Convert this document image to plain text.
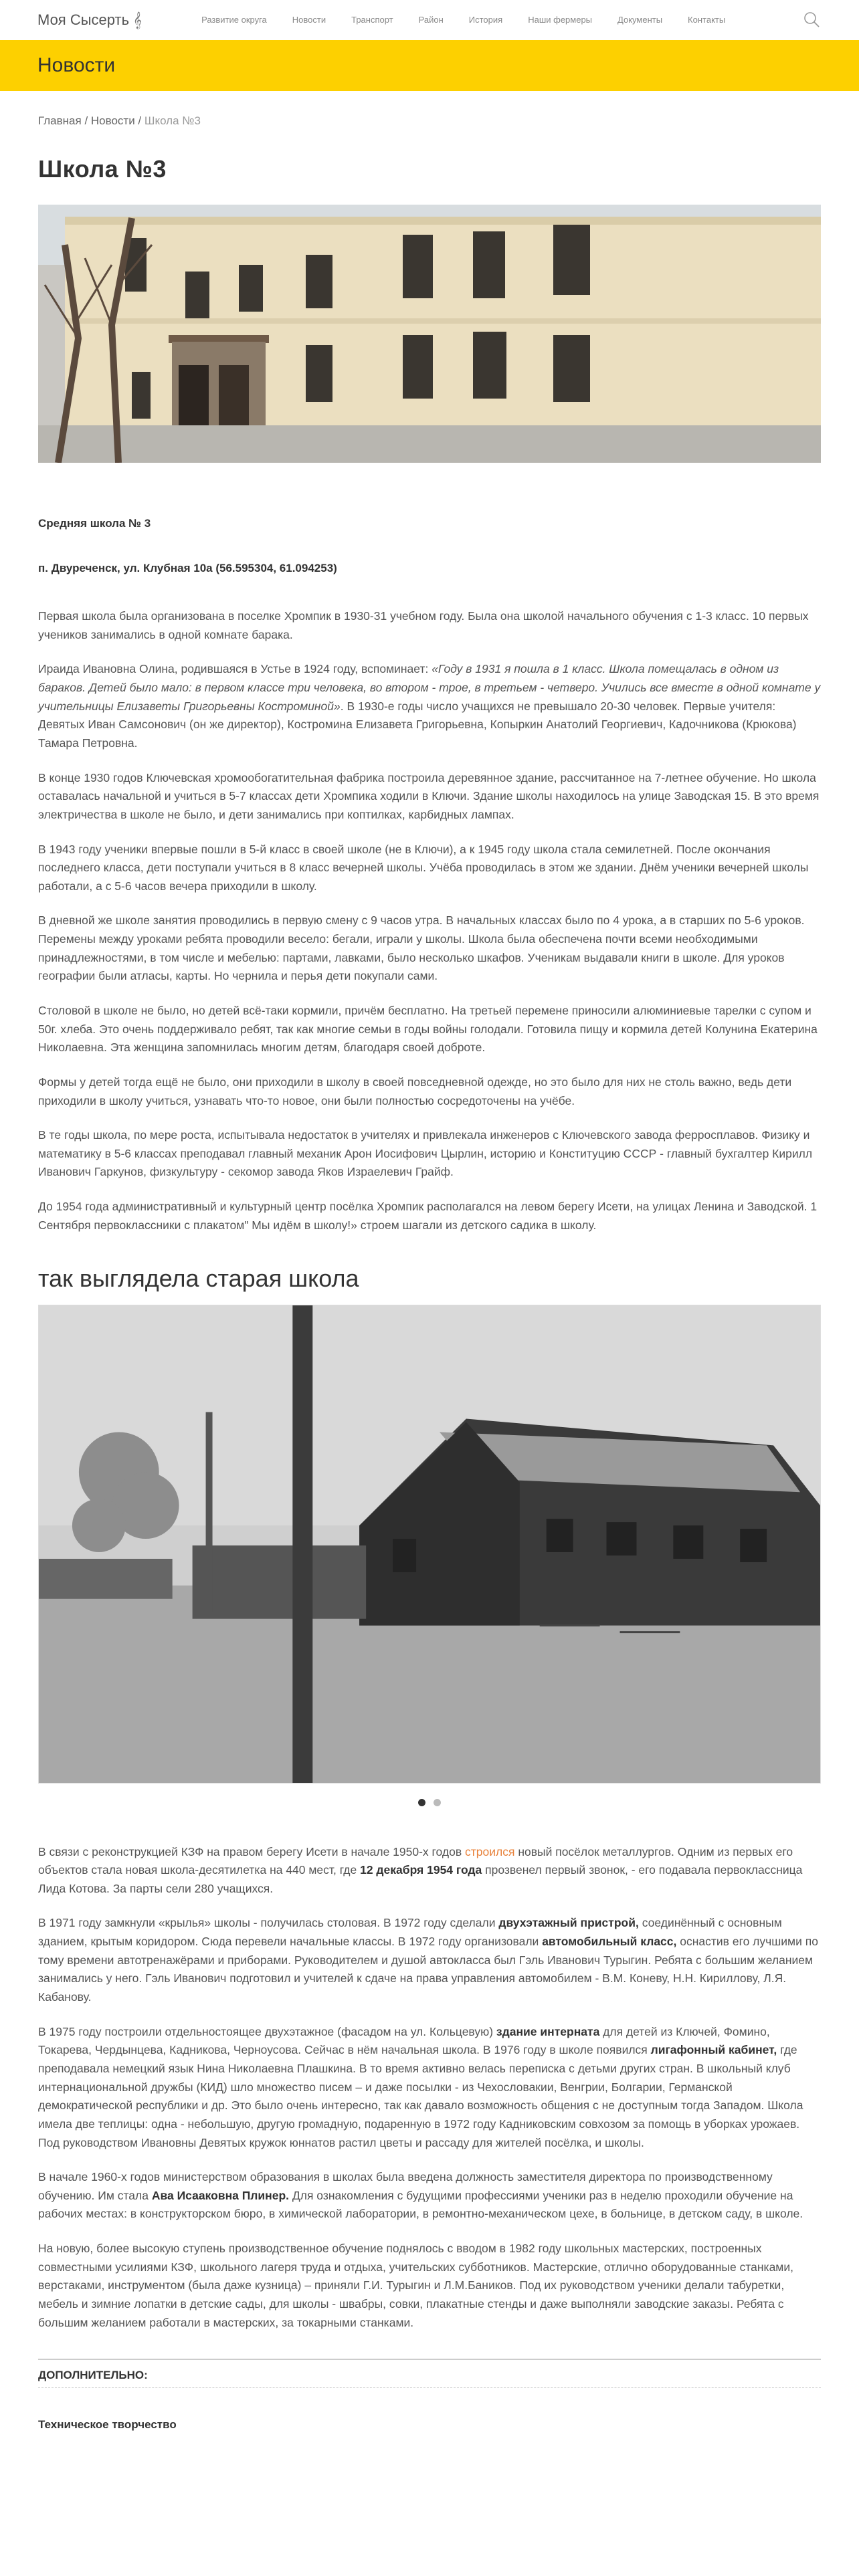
Моя Сысерть 𝄞	Развитие округа	Новости	Транспорт	Район	История	Наши фермеры	Документы	Контакты
Новости
Главная / Новости / Школа №3
Школа №3

Средняя школа № 3

п. Двуреченск, ул. Клубная 10а (56.595304, 61.094253)

Первая школа была организована в поселке Хромпик в 1930-31 учебном году. Была она школой начального обучения с 1-3 класс. 10 первых учеников занимались в одной комнате барака.

Ираида Ивановна Олина, родившаяся в Устье в 1924 году, вспоминает: «Году в 1931 я пошла в 1 класс. Школа помещалась в одном из бараков. Детей было мало: в первом классе три человека, во втором - трое, в третьем - четверо. Учились все вместе в одной комнате у учительницы Елизаветы Григорьевны Костроминой». В 1930-е годы число учащихся не превышало 20-30 человек. Первые учителя: Девятых Иван Самсонович (он же директор), Костромина Елизавета Григорьевна, Копыркин Анатолий Георгиевич, Кадочникова (Крюкова) Тамара Петровна.

В конце 1930 годов Ключевская хромообогатительная фабрика построила деревянное здание, рассчитанное на 7-летнее обучение. Но школа оставалась начальной и учиться в 5-7 классах дети Хромпика ходили в Ключи. Здание школы находилось на улице Заводская 15. В это время электричества в школе не было, и дети занимались при коптилках, карбидных лампах.

В 1943 году ученики впервые пошли в 5-й класс в своей школе (не в Ключи), а к 1945 году школа стала семилетней. После окончания последнего класса, дети поступали учиться в 8 класс вечерней школы. Учёба проводилась в этом же здании. Днём ученики вечерней школы работали, а с 5-6 часов вечера приходили в школу.

В дневной же школе занятия проводились в первую смену с 9 часов утра. В начальных классах было по 4 урока, а в старших по 5-6 уроков. Перемены между уроками ребята проводили весело: бегали, играли у школы. Школа была обеспечена почти всеми необходимыми принадлежностями, в том числе и мебелью: партами, лавками, было несколько шкафов. Ученикам выдавали книги в школе. Для уроков географии были атласы, карты. Но чернила и перья дети покупали сами.

Столовой в школе не было, но детей всё-таки кормили, причём бесплатно. На третьей перемене приносили алюминиевые тарелки с супом и 50г. хлеба. Это очень поддерживало ребят, так как многие семьи в годы войны голодали. Готовила пищу и кормила детей Колунина Екатерина Николаевна. Эта женщина запомнилась многим детям, благодаря своей доброте.

Формы у детей тогда ещё не было, они приходили в школу в своей повседневной одежде, но это было для них не столь важно, ведь дети приходили в школу учиться, узнавать что-то новое, они были полностью сосредоточены на учёбе.

В те годы школа, по мере роста, испытывала недостаток в учителях и привлекала инженеров с Ключевского завода ферросплавов. Физику и математику в 5-6 классах преподавал главный механик Арон Иосифович Цырлин, историю и Конституцию СССР - главный бухгалтер Кирилл Иванович Гаркунов, физкультуру - секомор завода Яков Израелевич Грайф.

До 1954 года административный и культурный центр посёлка Хромпик располагался на левом берегу Исети, на улицах Ленина и Заводской. 1 Сентября первоклассники с плакатом" Мы идём в школу!» строем шагали из детского садика в школу.

так выглядела старая школа

В связи с реконструкцией КЗФ на правом берегу Исети в начале 1950-х годов строился новый посёлок металлургов. Одним из первых его объектов стала новая школа-десятилетка на 440 мест, где 12 декабря 1954 года прозвенел первый звонок, - его подавала первоклассница Лида Котова. За парты сели 280 учащихся.

В 1971 году замкнули «крылья» школы - получилась столовая. В 1972 году сделали двухэтажный пристрой, соединённый с основным зданием, крытым коридором. Сюда перевели начальные классы. В 1972 году организовали автомобильный класс, оснастив его лучшими по тому времени автотренажёрами и приборами. Руководителем и душой автокласса был Гэль Иванович Турыгин. Ребята с большим желанием занимались у него. Гэль Иванович подготовил и учителей к сдаче на права управления автомобилем - В.М. Коневу, Н.Н. Кириллову, Л.Я. Кабанову.

В 1975 году построили отдельностоящее двухэтажное (фасадом на ул. Кольцевую) здание интерната для детей из Ключей, Фомино, Токарева, Чердынцева, Кадникова, Черноусова. Сейчас в нём начальная школа. В 1976 году в школе появился лигафонный кабинет, где преподавала немецкий язык Нина Николаевна Плашкина. В то время активно велась переписка с детьми других стран. В школьный клуб интернациональной дружбы (КИД) шло множество писем – и даже посылки - из Чехословакии, Венгрии, Болгарии, Германской демократической республики и др. Это было очень интересно, так как давало возможность общения с не доступным тогда Западом. Школа имела две теплицы: одна - небольшую, другую громадную, подаренную в 1972 году Кадниковским совхозом за помощь в уборках урожаев. Под руководством Ивановны Девятых кружок юннатов растил цветы и рассаду для жителей посёлка, и школы.

В начале 1960-х годов министерством образования в школах была введена должность заместителя директора по производственному обучению. Им стала Ава Исааковна Плинер. Для ознакомления с будущими профессиями ученики раз в неделю проходили обучение на рабочих местах: в конструкторском бюро, в химической лаборатории, в ремонтно-механическом цехе, в больнице, в детском саду, в школе.

На новую, более высокую ступень производственное обучение поднялось с вводом в 1982 году школьных мастерских, построенных совместными усилиями КЗФ, школьного лагеря труда и отдыха, учительских субботников. Мастерские, отлично оборудованные станками, верстаками, инструментом (была даже кузница) – приняли Г.И. Турыгин и Л.М.Баников. Под их руководством ученики делали табуретки, мебель и зимние лопатки в детские сады, для школы - швабры, совки, плакатные стенды и даже выполняли заводские заказы. Ребята с большим желанием работали в мастерских, за токарными станками.

ДОПОЛНИТЕЛЬНО:
Техническое творчество
